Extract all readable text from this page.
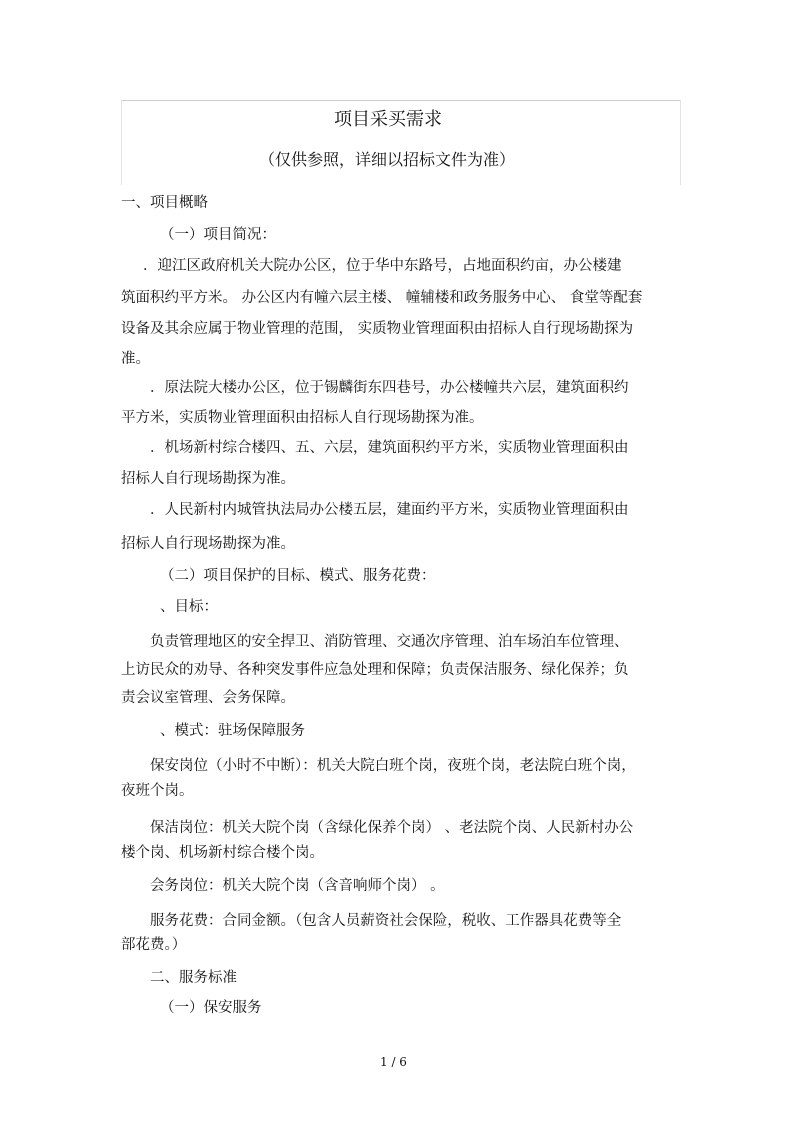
项目采买需求
（仅供参照，详细以招标文件为准）
一、项目概略
（一）项目简况：
．迎江区政府机关大院办公区，位于华中东路号，占地面积约亩，办公楼建
筑面积约平方米。 办公区内有幢六层主楼、 幢辅楼和政务服务中心、 食堂等配套
设备及其余应属于物业管理的范围， 实质物业管理面积由招标人自行现场勘探为
准。
．原法院大楼办公区，位于锡麟街东四巷号，办公楼幢共六层，建筑面积约
平方米，实质物业管理面积由招标人自行现场勘探为准。
．机场新村综合楼四、五、六层，建筑面积约平方米，实质物业管理面积由
招标人自行现场勘探为准。
．人民新村内城管执法局办公楼五层，建面约平方米，实质物业管理面积由
招标人自行现场勘探为准。
（二）项目保护的目标、模式、服务花费：
、目标：
负责管理地区的安全捍卫、消防管理、交通次序管理、泊车场泊车位管理、
上访民众的劝导、各种突发事件应急处理和保障；负责保洁服务、绿化保养；负
责会议室管理、会务保障。
、模式：驻场保障服务
保安岗位（小时不中断）：机关大院白班个岗，夜班个岗，老法院白班个岗，
夜班个岗。
保洁岗位：机关大院个岗（含绿化保养个岗） 、老法院个岗、人民新村办公
楼个岗、机场新村综合楼个岗。
会务岗位：机关大院个岗（含音响师个岗） 。
服务花费：合同金额。（包含人员薪资社会保险，税收、工作器具花费等全
部花费。）
二、服务标准
（一）保安服务
1 / 6
